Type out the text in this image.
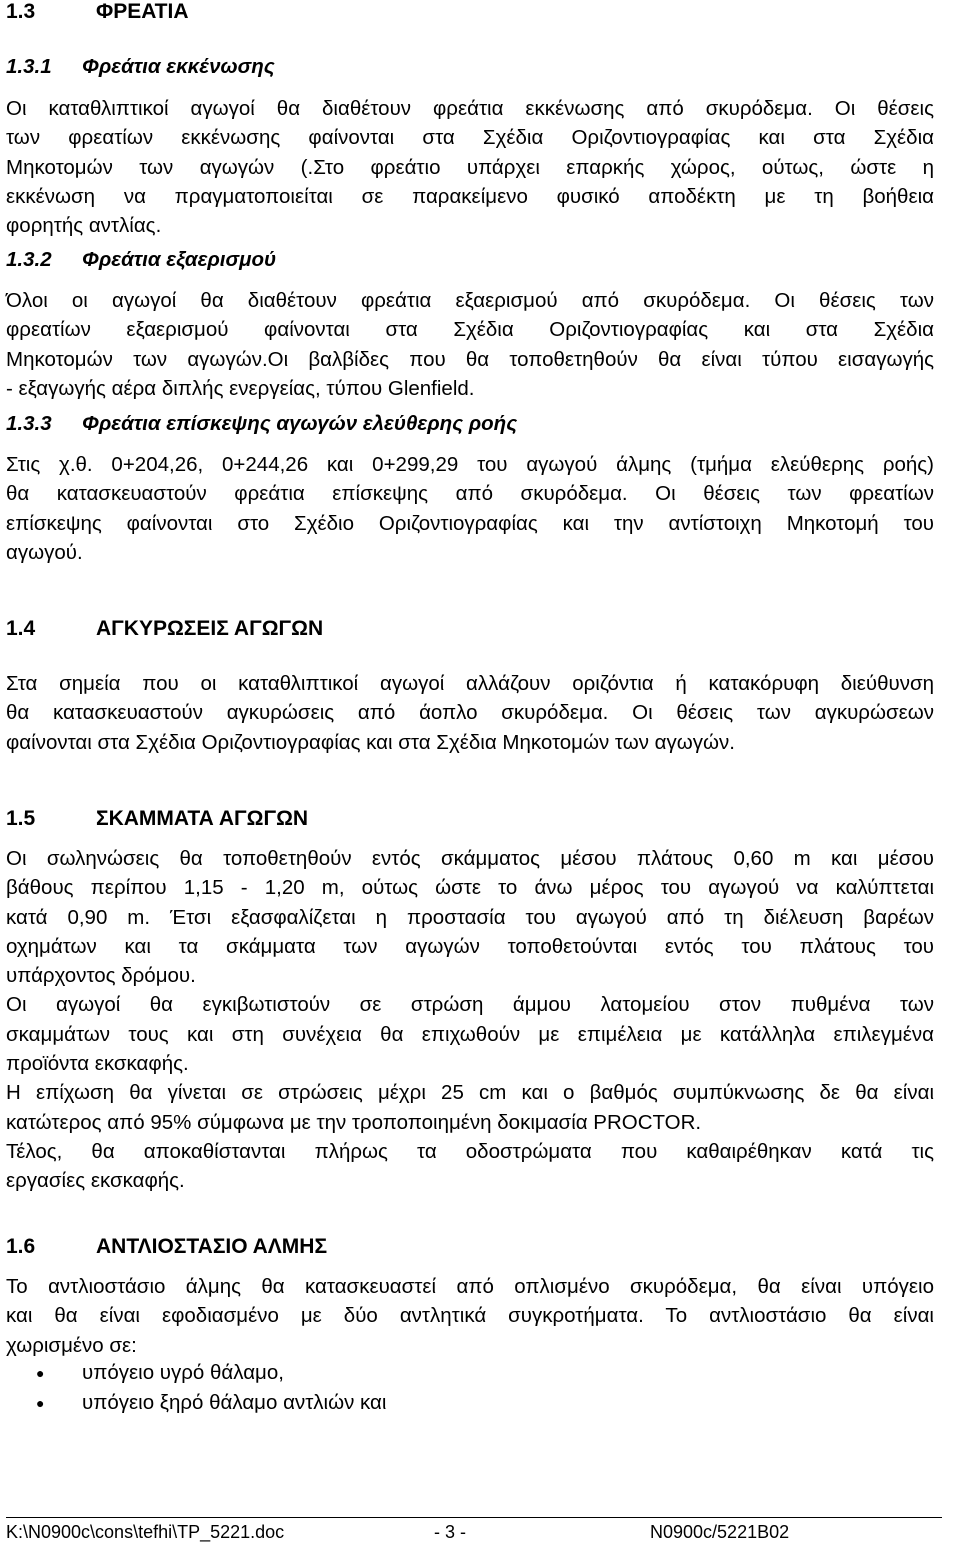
1.3	ΦΡΕΑΤΙΑ
1.3.1	Φρεάτια εκκένωσης
Οι καταθλιπτικοί αγωγοί θα διαθέτουν φρεάτια εκκένωσης από σκυρόδεμα. Οι θέσεις
των φρεατίων εκκένωσης φαίνονται στα Σχέδια Οριζοντιογραφίας και στα Σχέδια
Μηκοτομών των αγωγών (.Στο φρεάτιο υπάρχει επαρκής χώρος, ούτως, ώστε η
εκκένωση να πραγματοποιείται σε παρακείμενο φυσικό αποδέκτη με τη βοήθεια
φορητής αντλίας.
1.3.2	Φρεάτια εξαερισμού
Όλοι οι αγωγοί θα διαθέτουν φρεάτια εξαερισμού από σκυρόδεμα. Οι θέσεις των
φρεατίων εξαερισμού φαίνονται στα Σχέδια Οριζοντιογραφίας και στα Σχέδια
Μηκοτομών των αγωγών.Οι βαλβίδες που θα τοποθετηθούν θα είναι τύπου εισαγωγής
- εξαγωγής αέρα διπλής ενεργείας, τύπου Glenfield.
1.3.3	Φρεάτια επίσκεψης αγωγών ελεύθερης ροής
Στις χ.θ. 0+204,26, 0+244,26 και 0+299,29 του αγωγού άλμης (τμήμα ελεύθερης ροής)
θα κατασκευαστούν φρεάτια επίσκεψης από σκυρόδεμα. Οι θέσεις των φρεατίων
επίσκεψης φαίνονται στο Σχέδιο Οριζοντιογραφίας και την αντίστοιχη Μηκοτομή του
αγωγού.
1.4	ΑΓΚΥΡΩΣΕΙΣ ΑΓΩΓΩΝ
Στα σημεία που οι καταθλιπτικοί αγωγοί αλλάζουν οριζόντια ή κατακόρυφη διεύθυνση
θα κατασκευαστούν αγκυρώσεις από άοπλο σκυρόδεμα. Οι θέσεις των αγκυρώσεων
φαίνονται στα Σχέδια Οριζοντιογραφίας και στα Σχέδια Μηκοτομών των αγωγών.
1.5	ΣΚΑΜΜΑΤΑ ΑΓΩΓΩΝ
Οι σωληνώσεις θα τοποθετηθούν εντός σκάμματος μέσου πλάτους 0,60 m και μέσου
βάθους περίπου 1,15 - 1,20 m, ούτως ώστε το άνω μέρος του αγωγού να καλύπτεται
κατά 0,90 m. Έτσι εξασφαλίζεται η προστασία του αγωγού από τη διέλευση βαρέων
οχημάτων και τα σκάμματα των αγωγών τοποθετούνται εντός του πλάτους του
υπάρχοντος δρόμου.
Οι αγωγοί θα εγκιβωτιστούν σε στρώση άμμου λατομείου στον πυθμένα των
σκαμμάτων τους και στη συνέχεια θα επιχωθούν με επιμέλεια με κατάλληλα επιλεγμένα
προϊόντα εκσκαφής.
Η επίχωση θα γίνεται σε στρώσεις μέχρι 25 cm και ο βαθμός συμπύκνωσης δε θα είναι
κατώτερος από 95% σύμφωνα με την τροποποιημένη δοκιμασία PROCTOR.
Τέλος, θα αποκαθίστανται πλήρως τα οδοστρώματα που καθαιρέθηκαν κατά τις
εργασίες εκσκαφής.
1.6	ΑΝΤΛΙΟΣΤΑΣΙΟ ΑΛΜΗΣ
Το αντλιοστάσιο άλμης θα κατασκευαστεί από οπλισμένο σκυρόδεμα, θα είναι υπόγειο
και θα είναι εφοδιασμένο με δύο αντλητικά συγκροτήματα. Το αντλιοστάσιο θα είναι
χωρισμένο σε:
● υπόγειο υγρό θάλαμο,
● υπόγειο ξηρό θάλαμο αντλιών και
K:\N0900c\cons\tefhi\TP_5221.doc	- 3 -	N0900c/5221B02
